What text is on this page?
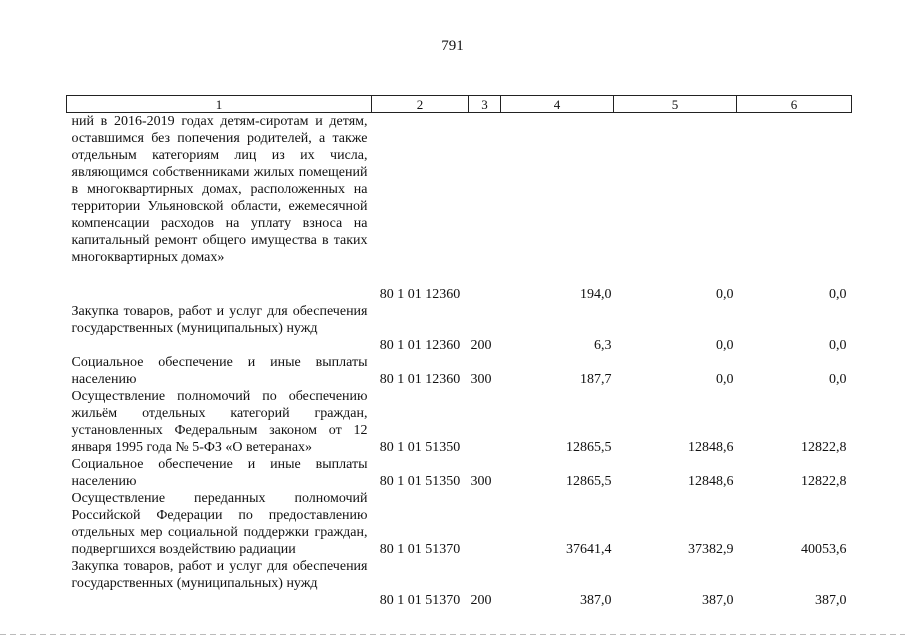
791
1	2	3	4	5	6
ний в 2016-2019 годах детям-сиротам и детям, оставшимся без попечения родителей, а также отдельным категориям лиц из их числа, являющимся собственниками жилых помещений в многоквартирных домах, расположенных на территории Ульяновской области, ежемесячной компенсации расходов на уплату взноса на капитальный ремонт общего имущества в таких многоквартирных домах»	80 1 01 12360		194,0	0,0	0,0
Закупка товаров, работ и услуг для обеспечения государственных (муниципальных) нужд	80 1 01 12360	200	6,3	0,0	0,0
Социальное обеспечение и иные выплаты населению	80 1 01 12360	300	187,7	0,0	0,0
Осуществление полномочий по обеспечению жильём отдельных категорий граждан, установленных Федеральным законом от 12 января 1995 года № 5-ФЗ «О ветеранах»	80 1 01 51350		12865,5	12848,6	12822,8
Социальное обеспечение и иные выплаты населению	80 1 01 51350	300	12865,5	12848,6	12822,8
Осуществление переданных полномочий Российской Федерации по предоставлению отдельных мер социальной поддержки граждан, подвергшихся воздействию радиации	80 1 01 51370		37641,4	37382,9	40053,6
Закупка товаров, работ и услуг для обеспечения государственных (муниципальных) нужд	80 1 01 51370	200	387,0	387,0	387,0
